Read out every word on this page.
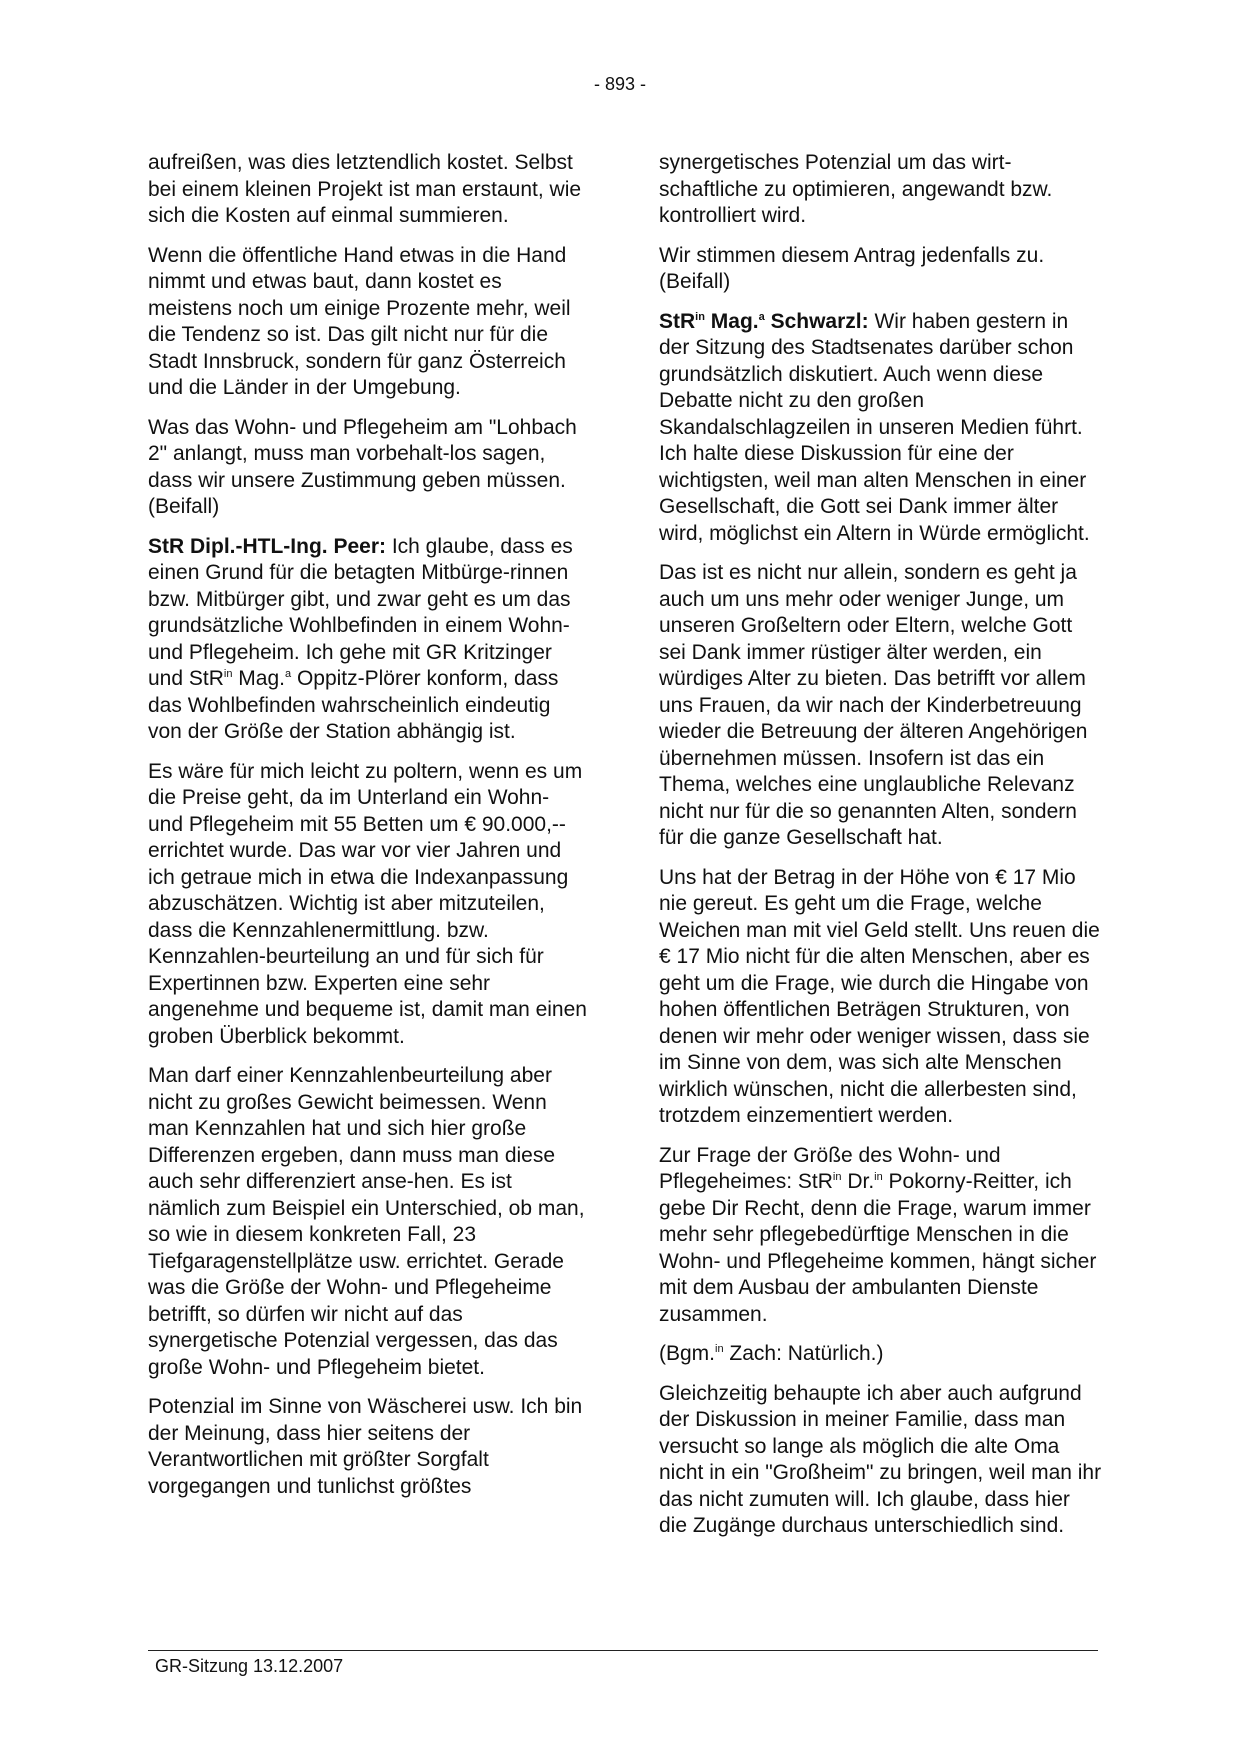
- 893 -

aufreißen, was dies letztendlich kostet. Selbst bei einem kleinen Projekt ist man erstaunt, wie sich die Kosten auf einmal summieren.

Wenn die öffentliche Hand etwas in die Hand nimmt und etwas baut, dann kostet es meistens noch um einige Prozente mehr, weil die Tendenz so ist. Das gilt nicht nur für die Stadt Innsbruck, sondern für ganz Österreich und die Länder in der Umgebung.

Was das Wohn- und Pflegeheim am "Lohbach 2" anlangt, muss man vorbehalt-los sagen, dass wir unsere Zustimmung geben müssen. (Beifall)

StR Dipl.-HTL-Ing. Peer: Ich glaube, dass es einen Grund für die betagten Mitbürge-rinnen bzw. Mitbürger gibt, und zwar geht es um das grundsätzliche Wohlbefinden in einem Wohn- und Pflegeheim. Ich gehe mit GR Kritzinger und StR$^{in}$ Mag.$^a$ Oppitz-Plörer konform, dass das Wohlbefinden wahrscheinlich eindeutig von der Größe der Station abhängig ist.

Es wäre für mich leicht zu poltern, wenn es um die Preise geht, da im Unterland ein Wohn- und Pflegeheim mit 55 Betten um € 90.000,-- errichtet wurde. Das war vor vier Jahren und ich getraue mich in etwa die Indexanpassung abzuschätzen. Wichtig ist aber mitzuteilen, dass die Kennzahlenermittlung. bzw. Kennzahlen-beurteilung an und für sich für Expertinnen bzw. Experten eine sehr angenehme und bequeme ist, damit man einen groben Überblick bekommt.

Man darf einer Kennzahlenbeurteilung aber nicht zu großes Gewicht beimessen. Wenn man Kennzahlen hat und sich hier große Differenzen ergeben, dann muss man diese auch sehr differenziert anse-hen. Es ist nämlich zum Beispiel ein Unterschied, ob man, so wie in diesem konkreten Fall, 23 Tiefgaragenstellplätze usw. errichtet. Gerade was die Größe der Wohn- und Pflegeheime betrifft, so dürfen wir nicht auf das synergetische Potenzial vergessen, das das große Wohn- und Pflegeheim bietet.

Potenzial im Sinne von Wäscherei usw. Ich bin der Meinung, dass hier seitens der Verantwortlichen mit größter Sorgfalt vorgegangen und tunlichst größtes

synergetisches Potenzial um das wirt-schaftliche zu optimieren, angewandt bzw. kontrolliert wird.

Wir stimmen diesem Antrag jedenfalls zu. (Beifall)

StR$^{in}$ Mag.$^a$ Schwarzl: Wir haben gestern in der Sitzung des Stadtsenates darüber schon grundsätzlich diskutiert. Auch wenn diese Debatte nicht zu den großen Skandalschlagzeilen in unseren Medien führt. Ich halte diese Diskussion für eine der wichtigsten, weil man alten Menschen in einer Gesellschaft, die Gott sei Dank immer älter wird, möglichst ein Altern in Würde ermöglicht.

Das ist es nicht nur allein, sondern es geht ja auch um uns mehr oder weniger Junge, um unseren Großeltern oder Eltern, welche Gott sei Dank immer rüstiger älter werden, ein würdiges Alter zu bieten. Das betrifft vor allem uns Frauen, da wir nach der Kinderbetreuung wieder die Betreuung der älteren Angehörigen übernehmen müssen. Insofern ist das ein Thema, welches eine unglaubliche Relevanz nicht nur für die so genannten Alten, sondern für die ganze Gesellschaft hat.

Uns hat der Betrag in der Höhe von € 17 Mio nie gereut. Es geht um die Frage, welche Weichen man mit viel Geld stellt. Uns reuen die € 17 Mio nicht für die alten Menschen, aber es geht um die Frage, wie durch die Hingabe von hohen öffentlichen Beträgen Strukturen, von denen wir mehr oder weniger wissen, dass sie im Sinne von dem, was sich alte Menschen wirklich wünschen, nicht die allerbesten sind, trotzdem einzementiert werden.

Zur Frage der Größe des Wohn- und Pflegeheimes: StR$^{in}$ Dr.$^{in}$ Pokorny-Reitter, ich gebe Dir Recht, denn die Frage, warum immer mehr sehr pflegebedürftige Menschen in die Wohn- und Pflegeheime kommen, hängt sicher mit dem Ausbau der ambulanten Dienste zusammen.

(Bgm.$^{in}$ Zach: Natürlich.)

Gleichzeitig behaupte ich aber auch aufgrund der Diskussion in meiner Familie, dass man versucht so lange als möglich die alte Oma nicht in ein "Großheim" zu bringen, weil man ihr das nicht zumuten will. Ich glaube, dass hier die Zugänge durchaus unterschiedlich sind.

GR-Sitzung 13.12.2007
